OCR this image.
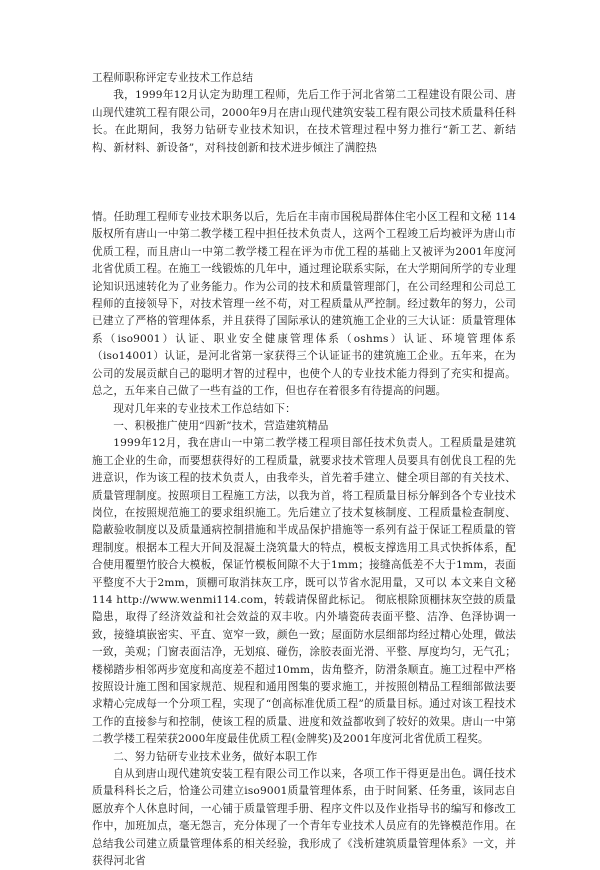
工程师职称评定专业技术工作总结

我，1999年12月认定为助理工程师，先后工作于河北省第二工程建设有限公司、唐山现代建筑工程有限公司，2000年9月在唐山现代建筑安装工程有限公司技术质量科任科长。在此期间，我努力钻研专业技术知识，在技术管理过程中努力推行“新工艺、新结构、新材料、新设备”，对科技创新和技术进步倾注了满腔热

情。任助理工程师专业技术职务以后，先后在丰南市国税局群体住宅小区工程和文秘 114版权所有唐山一中第二教学楼工程中担任技术负责人，这两个工程竣工后均被评为唐山市优质工程，而且唐山一中第二教学楼工程在评为市优工程的基础上又被评为2001年度河北省优质工程。在施工一线锻炼的几年中，通过理论联系实际，在大学期间所学的专业理论知识迅速转化为了业务能力。作为公司的技术和质量管理部门，在公司经理和公司总工程师的直接领导下，对技术管理一丝不苟，对工程质量从严控制。经过数年的努力，公司已建立了严格的管理体系，并且获得了国际承认的建筑施工企业的三大认证：质量管理体系（iso9001）认证、职业安全健康管理体系（oshms）认证、环境管理体系（iso14001）认证，是河北省第一家获得三个认证证书的建筑施工企业。五年来，在为公司的发展贡献自己的聪明才智的过程中，也使个人的专业技术能力得到了充实和提高。总之，五年来自己做了一些有益的工作，但也存在着很多有待提高的问题。

现对几年来的专业技术工作总结如下：

一、积极推广使用“四新”技术，营造建筑精品

1999年12月，我在唐山一中第二教学楼工程项目部任技术负责人。工程质量是建筑施工企业的生命，而要想获得好的工程质量，就要求技术管理人员要具有创优良工程的先进意识，作为该工程的技术负责人，由我牵头，首先着手建立、健全项目部的有关技术、质量管理制度。按照项目工程施工方法，以我为首，将工程质量目标分解到各个专业技术岗位，在按照规范施工的要求组织施工。先后建立了技术复核制度、工程质量检查制度、隐蔽验收制度以及质量通病控制措施和半成品保护措施等一系列有益于保证工程质量的管理制度。根据本工程大开间及混凝土浇筑量大的特点，模板支撑选用工具式快拆体系，配合使用覆塑竹胶合大模板，保证竹模板间隙不大于1mm；接缝高低差不大于1mm，表面平整度不大于2mm，顶棚可取消抹灰工序，既可以节省水泥用量，又可以 本文来自文秘 114 http://www.wenmi114.com，转载请保留此标记。 彻底根除顶棚抹灰空鼓的质量隐患，取得了经济效益和社会效益的双丰收。内外墙瓷砖表面平整、洁净、色泽协调一致，接缝填嵌密实、平直、宽窄一致，颜色一致；屋面防水层细部均经过精心处理，做法一致，美观；门窗表面洁净，无划痕、碰伤，涂胶表面光滑、平整、厚度均匀，无气孔；楼梯踏步相邻两步宽度和高度差不超过10mm，齿角整齐，防滑条顺直。施工过程中严格按照设计施工图和国家规范、规程和通用图集的要求施工，并按照创精品工程细部做法要求精心完成每一个分项工程，实现了“创高标准优质工程”的质量目标。通过对该工程技术工作的直接参与和控制，使该工程的质量、进度和效益都收到了较好的效果。唐山一中第二教学楼工程荣获2000年度最佳优质工程(金牌奖)及2001年度河北省优质工程奖。

二、努力钻研专业技术业务，做好本职工作

自从到唐山现代建筑安装工程有限公司工作以来，各项工作干得更是出色。调任技术质量科科长之后，恰逢公司建立iso9001质量管理体系，由于时间紧、任务重，该同志自愿放弃个人休息时间，一心铺于质量管理手册、程序文件以及作业指导书的编写和修改工作中，加班加点，毫无怨言，充分体现了一个青年专业技术人员应有的先锋模范作用。在总结我公司建立质量管理体系的相关经验，我形成了《浅析建筑质量管理体系》一文，并获得河北省
